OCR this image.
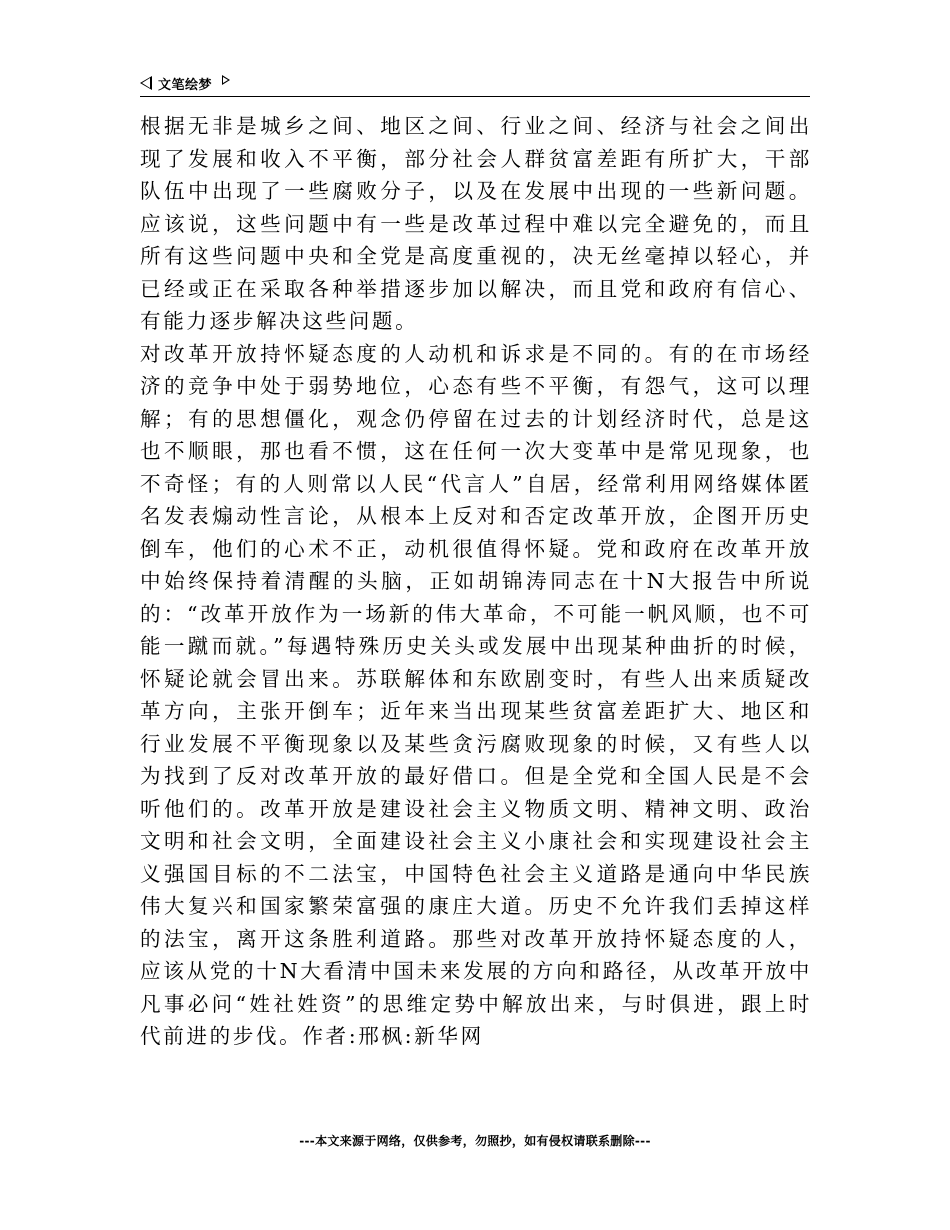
文笔绘梦

根据无非是城乡之间、地区之间、行业之间、经济与社会之间出现了发展和收入不平衡，部分社会人群贫富差距有所扩大，干部队伍中出现了一些腐败分子，以及在发展中出现的一些新问题。应该说，这些问题中有一些是改革过程中难以完全避免的，而且所有这些问题中央和全党是高度重视的，决无丝毫掉以轻心，并已经或正在采取各种举措逐步加以解决，而且党和政府有信心、有能力逐步解决这些问题。

对改革开放持怀疑态度的人动机和诉求是不同的。有的在市场经济的竞争中处于弱势地位，心态有些不平衡，有怨气，这可以理解；有的思想僵化，观念仍停留在过去的计划经济时代，总是这也不顺眼，那也看不惯，这在任何一次大变革中是常见现象，也不奇怪；有的人则常以人民“代言人”自居，经常利用网络媒体匿名发表煽动性言论，从根本上反对和否定改革开放，企图开历史倒车，他们的心术不正，动机很值得怀疑。党和政府在改革开放中始终保持着清醒的头脑，正如胡锦涛同志在十N大报告中所说的：“改革开放作为一场新的伟大革命，不可能一帆风顺，也不可能一蹴而就。”每遇特殊历史关头或发展中出现某种曲折的时候，怀疑论就会冒出来。苏联解体和东欧剧变时，有些人出来质疑改革方向，主张开倒车；近年来当出现某些贫富差距扩大、地区和行业发展不平衡现象以及某些贪污腐败现象的时候，又有些人以为找到了反对改革开放的最好借口。但是全党和全国人民是不会听他们的。改革开放是建设社会主义物质文明、精神文明、政治文明和社会文明，全面建设社会主义小康社会和实现建设社会主义强国目标的不二法宝，中国特色社会主义道路是通向中华民族伟大复兴和国家繁荣富强的康庄大道。历史不允许我们丢掉这样的法宝，离开这条胜利道路。那些对改革开放持怀疑态度的人，应该从党的十N大看清中国未来发展的方向和路径，从改革开放中凡事必问“姓社姓资”的思维定势中解放出来，与时俱进，跟上时代前进的步伐。作者:邢枫:新华网

---本文来源于网络，仅供参考，勿照抄，如有侵权请联系删除---
